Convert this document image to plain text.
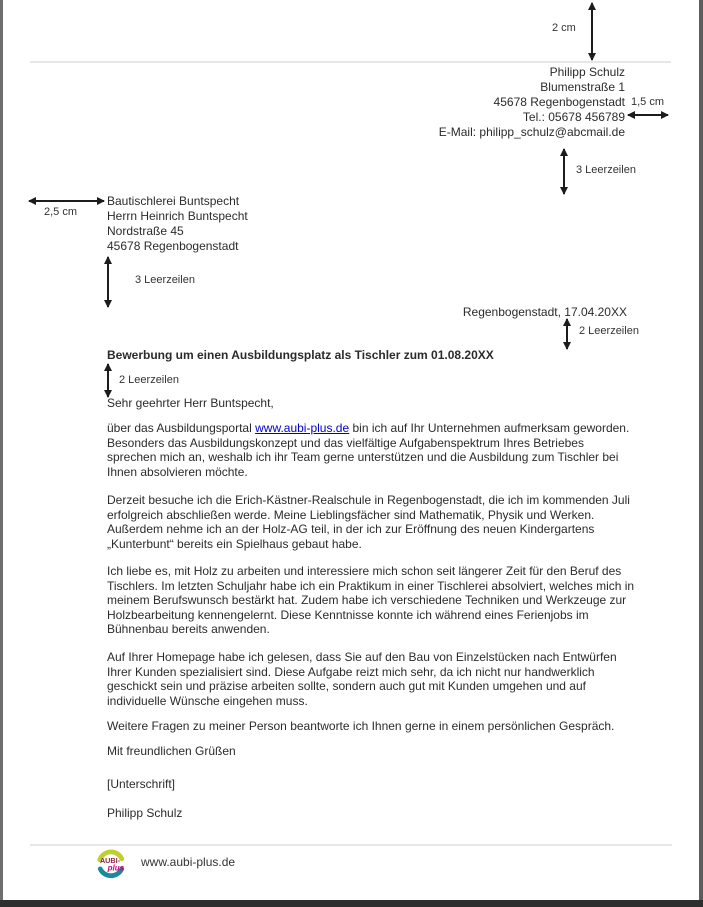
2 cm
1,5 cm
3 Leerzeilen
2,5 cm
3 Leerzeilen
2 Leerzeilen
2 Leerzeilen
Philipp Schulz
Blumenstraße 1
45678 Regenbogenstadt
Tel.: 05678 456789
E-Mail: philipp_schulz@abcmail.de
Bautischlerei Buntspecht
Herrn Heinrich Buntspecht
Nordstraße 45
45678 Regenbogenstadt
Regenbogenstadt, 17.04.20XX
Bewerbung um einen Ausbildungsplatz als Tischler zum 01.08.20XX
Sehr geehrter Herr Buntspecht,
über das Ausbildungsportal www.aubi-plus.de bin ich auf Ihr Unternehmen aufmerksam geworden. Besonders das Ausbildungskonzept und das vielfältige Aufgabenspektrum Ihres Betriebes sprechen mich an, weshalb ich ihr Team gerne unterstützen und die Ausbildung zum Tischler bei Ihnen absolvieren möchte.
Derzeit besuche ich die Erich-Kästner-Realschule in Regenbogenstadt, die ich im kommenden Juli erfolgreich abschließen werde. Meine Lieblingsfächer sind Mathematik, Physik und Werken. Außerdem nehme ich an der Holz-AG teil, in der ich zur Eröffnung des neuen Kindergartens „Kunterbunt“ bereits ein Spielhaus gebaut habe.
Ich liebe es, mit Holz zu arbeiten und interessiere mich schon seit längerer Zeit für den Beruf des Tischlers. Im letzten Schuljahr habe ich ein Praktikum in einer Tischlerei absolviert, welches mich in meinem Berufswunsch bestärkt hat. Zudem habe ich verschiedene Techniken und Werkzeuge zur Holzbearbeitung kennengelernt. Diese Kenntnisse konnte ich während eines Ferienjobs im Bühnenbau bereits anwenden.
Auf Ihrer Homepage habe ich gelesen, dass Sie auf den Bau von Einzelstücken nach Entwürfen Ihrer Kunden spezialisiert sind. Diese Aufgabe reizt mich sehr, da ich nicht nur handwerklich geschickt sein und präzise arbeiten sollte, sondern auch gut mit Kunden umgehen und auf individuelle Wünsche eingehen muss.
Weitere Fragen zu meiner Person beantworte ich Ihnen gerne in einem persönlichen Gespräch.
Mit freundlichen Grüßen
[Unterschrift]
Philipp Schulz
AUBI-
plus www.aubi-plus.de
